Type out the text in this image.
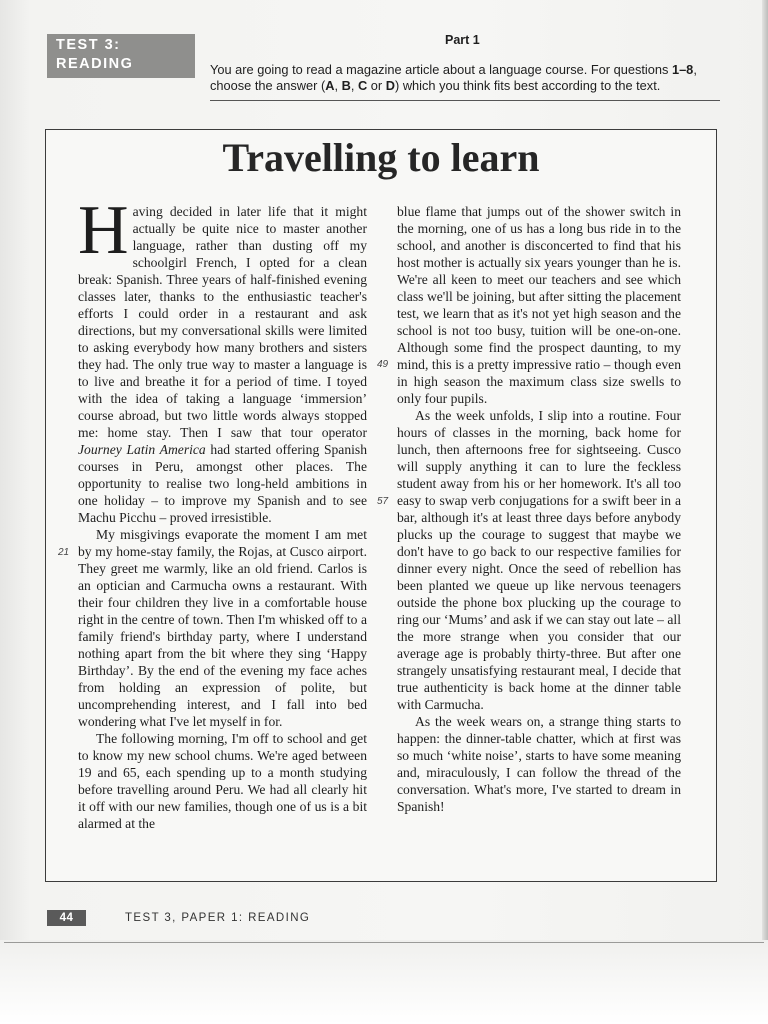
TEST 3:
READING
Part 1
You are going to read a magazine article about a language course. For questions 1–8, choose the answer (A, B, C or D) which you think fits best according to the text.
Travelling to learn

Having decided in later life that it might actually be quite nice to master another language, rather than dusting off my schoolgirl French, I opted for a clean break: Spanish. Three years of half-finished evening classes later, thanks to the enthusiastic teacher's efforts I could order in a restaurant and ask directions, but my conversational skills were limited to asking everybody how many brothers and sisters they had. The only true way to master a language is to live and breathe it for a period of time. I toyed with the idea of taking a language ‘immersion’ course abroad, but two little words always stopped me: home stay. Then I saw that tour operator Journey Latin America had started offering Spanish courses in Peru, amongst other places. The opportunity to realise two long-held ambitions in one holiday – to improve my Spanish and to see Machu Picchu – proved irresistible.

My misgivings evaporate the moment I am met by my home-stay family, the Rojas, at Cusco airport. They greet me warmly, like an old friend. Carlos is an optician and Carmucha owns a restaurant. With their four children they live in a comfortable house right in the centre of town. Then I'm whisked off to a family friend's birthday party, where I understand nothing apart from the bit where they sing ‘Happy Birthday’. By the end of the evening my face aches from holding an expression of polite, but uncomprehending interest, and I fall into bed wondering what I've let myself in for.

The following morning, I'm off to school and get to know my new school chums. We're aged between 19 and 65, each spending up to a month studying before travelling around Peru. We had all clearly hit it off with our new families, though one of us is a bit alarmed at the

blue flame that jumps out of the shower switch in the morning, one of us has a long bus ride in to the school, and another is disconcerted to find that his host mother is actually six years younger than he is. We're all keen to meet our teachers and see which class we'll be joining, but after sitting the placement test, we learn that as it's not yet high season and the school is not too busy, tuition will be one-on-one. Although some find the prospect daunting, to my mind, this is a pretty impressive ratio – though even in high season the maximum class size swells to only four pupils.

As the week unfolds, I slip into a routine. Four hours of classes in the morning, back home for lunch, then afternoons free for sightseeing. Cusco will supply anything it can to lure the feckless student away from his or her homework. It's all too easy to swap verb conjugations for a swift beer in a bar, although it's at least three days before anybody plucks up the courage to suggest that maybe we don't have to go back to our respective families for dinner every night. Once the seed of rebellion has been planted we queue up like nervous teenagers outside the phone box plucking up the courage to ring our ‘Mums’ and ask if we can stay out late – all the more strange when you consider that our average age is probably thirty-three. But after one strangely unsatisfying restaurant meal, I decide that true authenticity is back home at the dinner table with Carmucha.

As the week wears on, a strange thing starts to happen: the dinner-table chatter, which at first was so much ‘white noise’, starts to have some meaning and, miraculously, I can follow the thread of the conversation. What's more, I've started to dream in Spanish!

21
49
57
44	TEST 3, PAPER 1: READING
